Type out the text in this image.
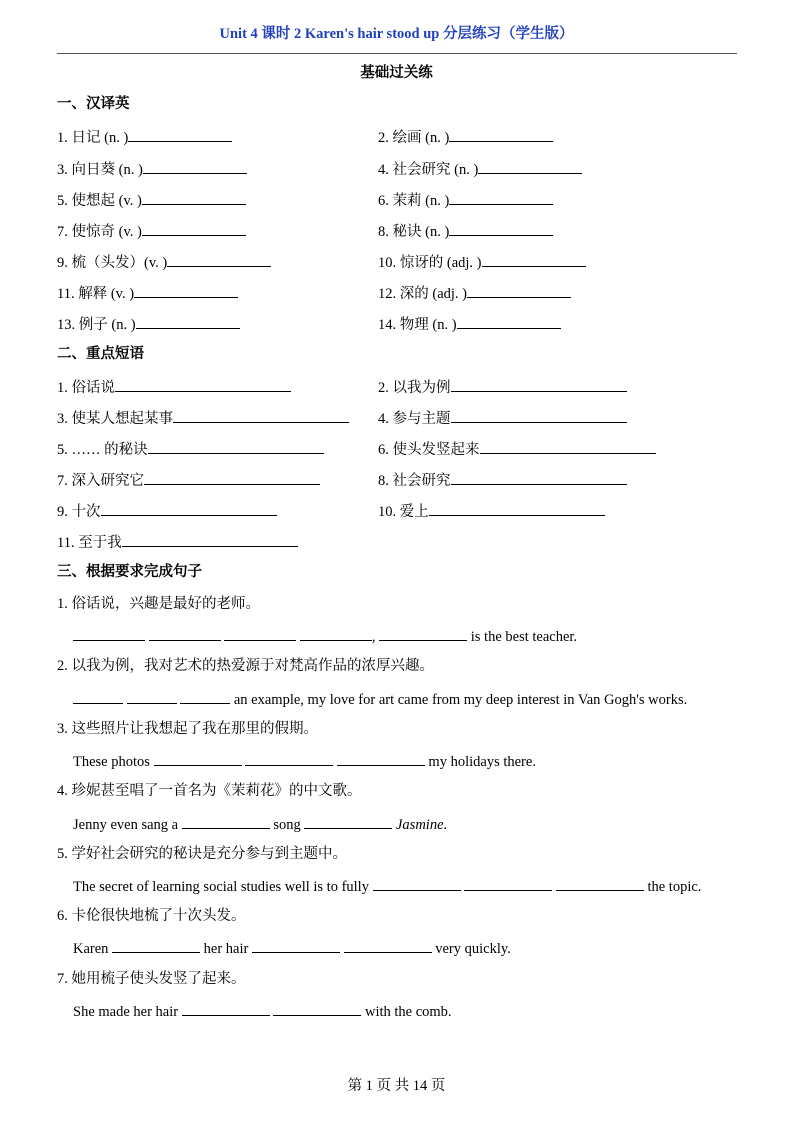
Unit 4 课时 2 Karen's hair stood up 分层练习（学生版）
基础过关练
一、汉译英
1. 日记 (n. )	2. 绘画 (n. )
3. 向日葵 (n. )	4. 社会研究 (n. )
5. 使想起 (v. )	6. 茉莉 (n. )
7. 使惊奇 (v. )	8. 秘诀 (n. )
9. 梳（头发）(v. )	10. 惊讶的 (adj. )
11. 解释 (v. )	12. 深的 (adj. )
13. 例子 (n. )	14. 物理 (n. )
二、重点短语
1. 俗话说	2. 以我为例
3. 使某人想起某事	4. 参与主题
5. …… 的秘诀	6. 使头发竖起来
7. 深入研究它	8. 社会研究
9. 十次	10. 爱上
11. 至于我
三、根据要求完成句子
1. 俗话说，兴趣是最好的老师。
,	is the best teacher.
2. 以我为例，我对艺术的热爱源于对梵高作品的浓厚兴趣。
an example, my love for art came from my deep interest in Van Gogh's works.
3. 这些照片让我想起了我在那里的假期。
These photos	my holidays there.
4. 珍妮甚至唱了一首名为《茉莉花》的中文歌。
Jenny even sang a	song	Jasmine.
5. 学好社会研究的秘诀是充分参与到主题中。
The secret of learning social studies well is to fully	the topic.
6. 卡伦很快地梳了十次头发。
Karen	her hair	very quickly.
7. 她用梳子使头发竖了起来。
She made her hair	with the comb.
第 1 页 共 14 页
